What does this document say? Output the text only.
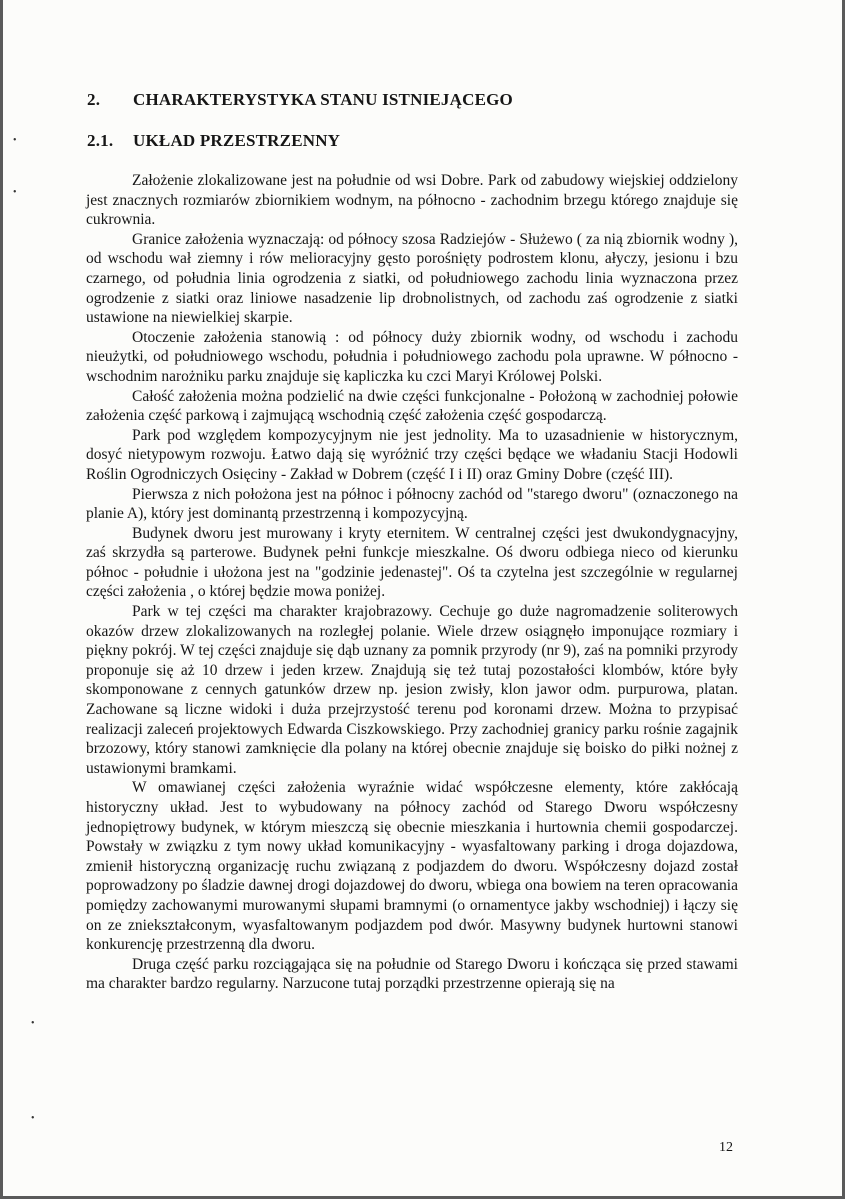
•
•
•
•
2. CHARAKTERYSTYKA STANU ISTNIEJĄCEGO
2.1. UKŁAD PRZESTRZENNY

Założenie zlokalizowane jest na południe od wsi Dobre. Park od zabudowy wiejskiej oddzielony jest znacznych rozmiarów zbiornikiem wodnym, na północno - zachodnim brzegu którego znajduje się cukrownia.

Granice założenia wyznaczają: od północy szosa Radziejów - Służewo ( za nią zbiornik wodny ), od wschodu wał ziemny i rów melioracyjny gęsto porośnięty podrostem klonu, ałyczy, jesionu i bzu czarnego, od południa linia ogrodzenia z siatki, od południowego zachodu linia wyznaczona przez ogrodzenie z siatki oraz liniowe nasadzenie lip drobnolistnych, od zachodu zaś ogrodzenie z siatki ustawione na niewielkiej skarpie.

Otoczenie założenia stanowią : od północy duży zbiornik wodny, od wschodu i zachodu nieużytki, od południowego wschodu, południa i południowego zachodu pola uprawne. W północno - wschodnim narożniku parku znajduje się kapliczka ku czci Maryi Królowej Polski.

Całość założenia można podzielić na dwie części funkcjonalne - Położoną w zachodniej połowie założenia część parkową i zajmującą wschodnią część założenia część gospodarczą.

Park pod względem kompozycyjnym nie jest jednolity. Ma to uzasadnienie w historycznym, dosyć nietypowym rozwoju. Łatwo dają się wyróżnić trzy części będące we władaniu Stacji Hodowli Roślin Ogrodniczych Osięciny - Zakład w Dobrem (część I i II) oraz Gminy Dobre (część III).

Pierwsza z nich położona jest na północ i północny zachód od "starego dworu" (oznaczonego na planie A), który jest dominantą przestrzenną i kompozycyjną.

Budynek dworu jest murowany i kryty eternitem. W centralnej części jest dwukondygnacyjny, zaś skrzydła są parterowe. Budynek pełni funkcje mieszkalne. Oś dworu odbiega nieco od kierunku północ - południe i ułożona jest na "godzinie jedenastej". Oś ta czytelna jest szczególnie w regularnej części założenia , o której będzie mowa poniżej.

Park w tej części ma charakter krajobrazowy. Cechuje go duże nagromadzenie soliterowych okazów drzew zlokalizowanych na rozległej polanie. Wiele drzew osiągnęło imponujące rozmiary i piękny pokrój. W tej części znajduje się dąb uznany za pomnik przyrody (nr 9), zaś na pomniki przyrody proponuje się aż 10 drzew i jeden krzew. Znajdują się też tutaj pozostałości klombów, które były skomponowane z cennych gatunków drzew np. jesion zwisły, klon jawor odm. purpurowa, platan. Zachowane są liczne widoki i duża przejrzystość terenu pod koronami drzew. Można to przypisać realizacji zaleceń projektowych Edwarda Ciszkowskiego. Przy zachodniej granicy parku rośnie zagajnik brzozowy, który stanowi zamknięcie dla polany na której obecnie znajduje się boisko do piłki nożnej z ustawionymi bramkami.

W omawianej części założenia wyraźnie widać współczesne elementy, które zakłócają historyczny układ. Jest to wybudowany na północy zachód od Starego Dworu współczesny jednopiętrowy budynek, w którym mieszczą się obecnie mieszkania i hurtownia chemii gospodarczej. Powstały w związku z tym nowy układ komunikacyjny - wyasfaltowany parking i droga dojazdowa, zmienił historyczną organizację ruchu związaną z podjazdem do dworu. Współczesny dojazd został poprowadzony po śladzie dawnej drogi dojazdowej do dworu, wbiega ona bowiem na teren opracowania pomiędzy zachowanymi murowanymi słupami bramnymi (o ornamentyce jakby wschodniej) i łączy się on ze zniekształconym, wyasfaltowanym podjazdem pod dwór. Masywny budynek hurtowni stanowi konkurencję przestrzenną dla dworu.

Druga część parku rozciągająca się na południe od Starego Dworu i kończąca się przed stawami ma charakter bardzo regularny. Narzucone tutaj porządki przestrzenne opierają się na

12
